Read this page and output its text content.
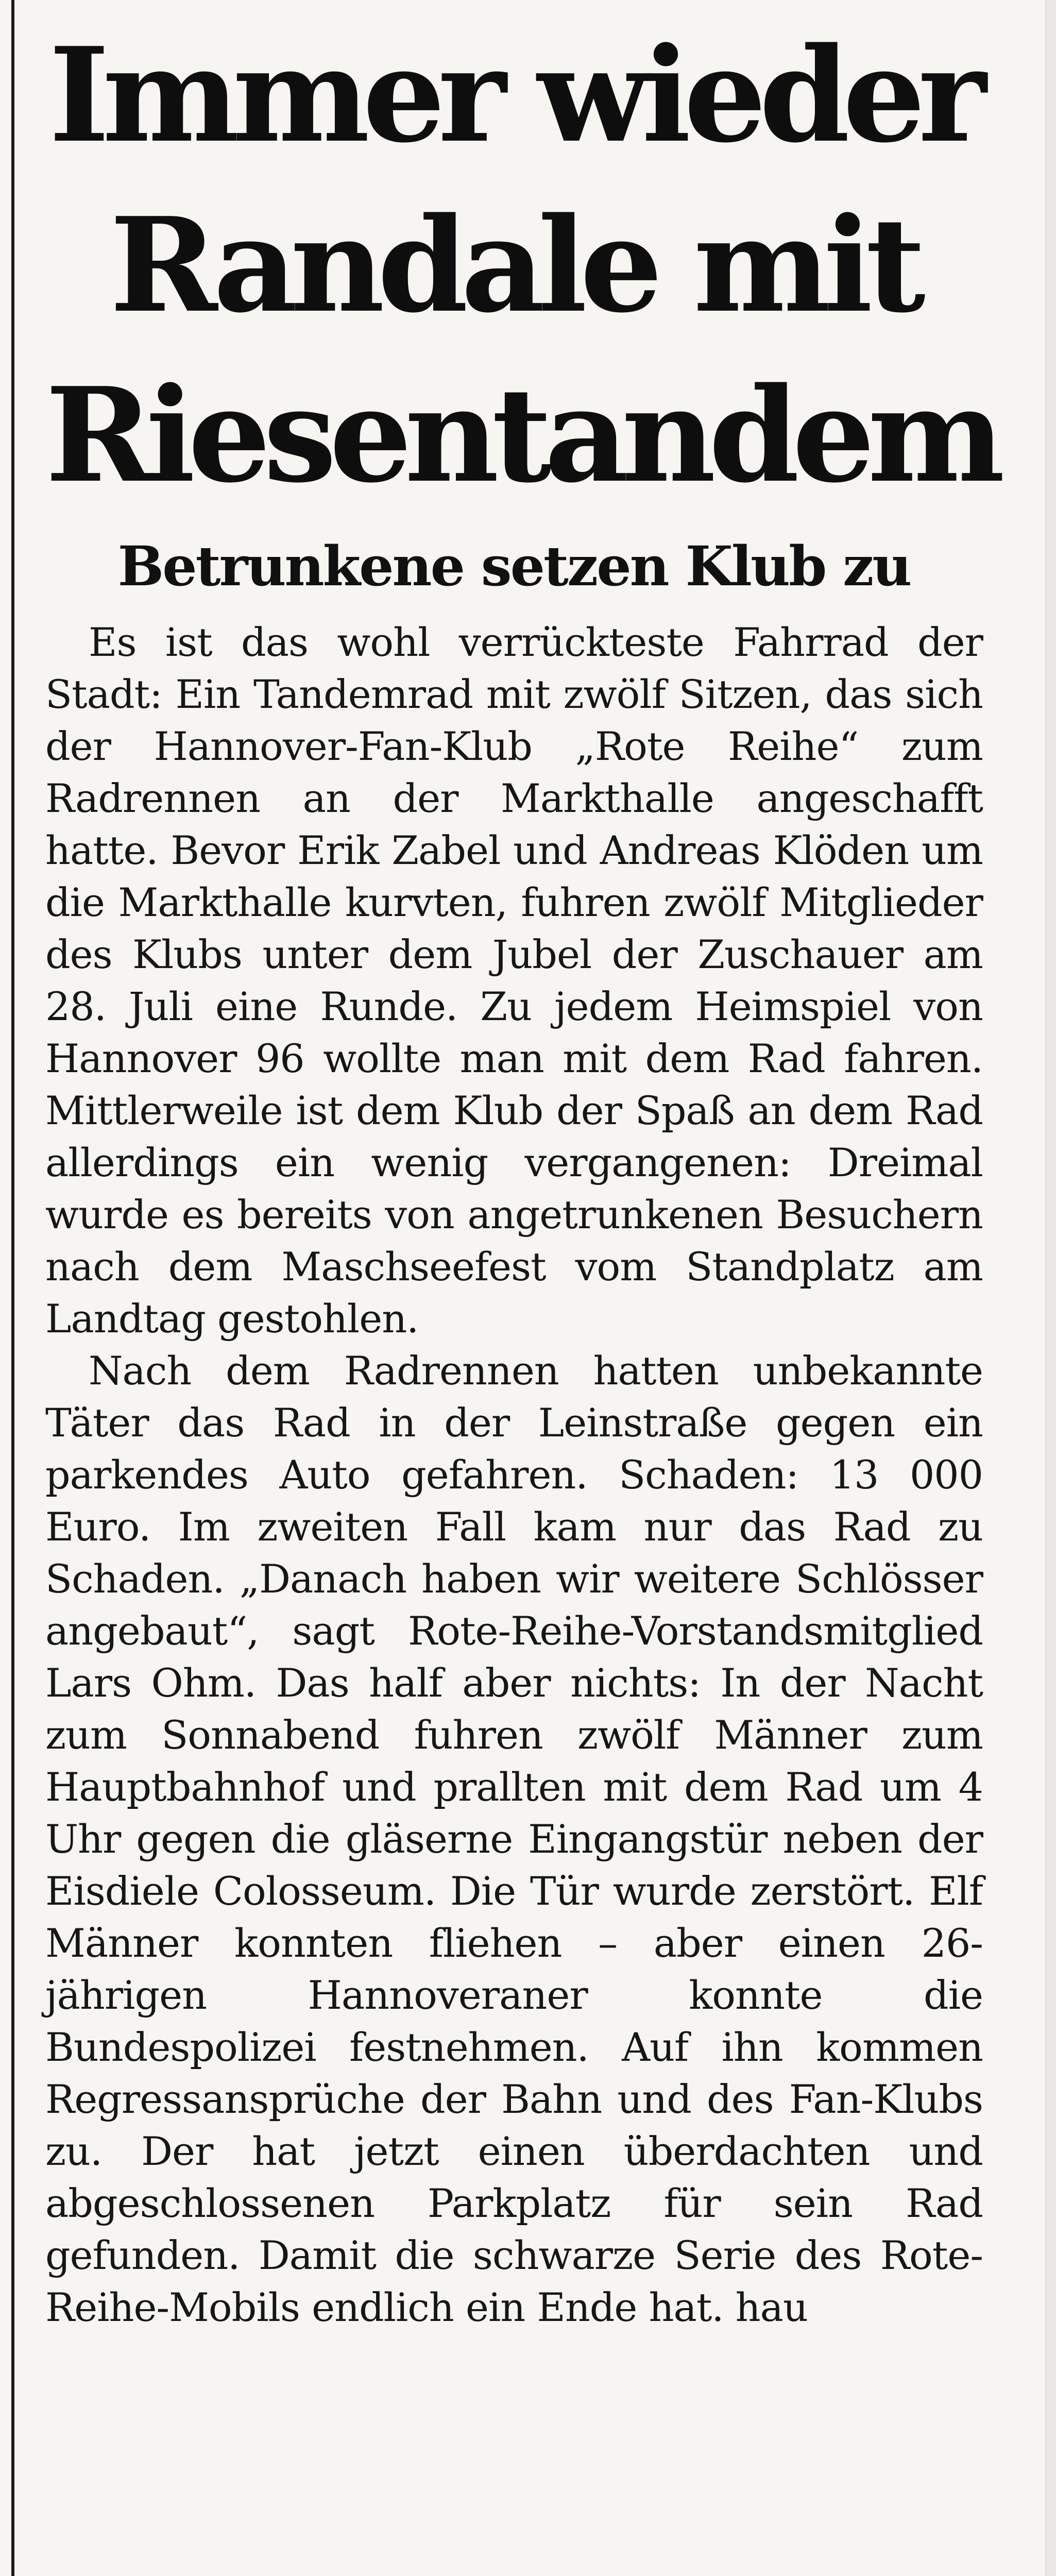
Immer wieder Randale mit Riesentandem
Betrunkene setzen Klub zu

Es ist das wohl verrückteste Fahrrad der Stadt: Ein Tandemrad mit zwölf Sitzen, das sich der Hannover-Fan-Klub „Rote Reihe“ zum Radrennen an der Markthalle angeschafft hatte. Bevor Erik Zabel und Andreas Klöden um die Markthalle kurvten, fuhren zwölf Mitglieder des Klubs unter dem Jubel der Zuschauer am 28. Juli eine Runde. Zu jedem Heimspiel von Hannover 96 wollte man mit dem Rad fahren. Mittlerweile ist dem Klub der Spaß an dem Rad allerdings ein wenig vergangenen: Dreimal wurde es bereits von angetrunkenen Besuchern nach dem Maschseefest vom Standplatz am Landtag gestohlen.

Nach dem Radrennen hatten unbekannte Täter das Rad in der Leinstraße gegen ein parkendes Auto gefahren. Schaden: 13 000 Euro. Im zweiten Fall kam nur das Rad zu Schaden. „Danach haben wir weitere Schlösser angebaut“, sagt Rote-Reihe-Vorstandsmitglied Lars Ohm. Das half aber nichts: In der Nacht zum Sonnabend fuhren zwölf Männer zum Hauptbahnhof und prallten mit dem Rad um 4 Uhr gegen die gläserne Eingangstür neben der Eisdiele Colosseum. Die Tür wurde zerstört. Elf Männer konnten fliehen – aber einen 26-jährigen Hannoveraner konnte die Bundespolizei festnehmen. Auf ihn kommen Regressansprüche der Bahn und des Fan-Klubs zu. Der hat jetzt einen überdachten und abgeschlossenen Parkplatz für sein Rad gefunden. Damit die schwarze Serie des Rote-Reihe-Mobils endlich ein Ende hat. hau
